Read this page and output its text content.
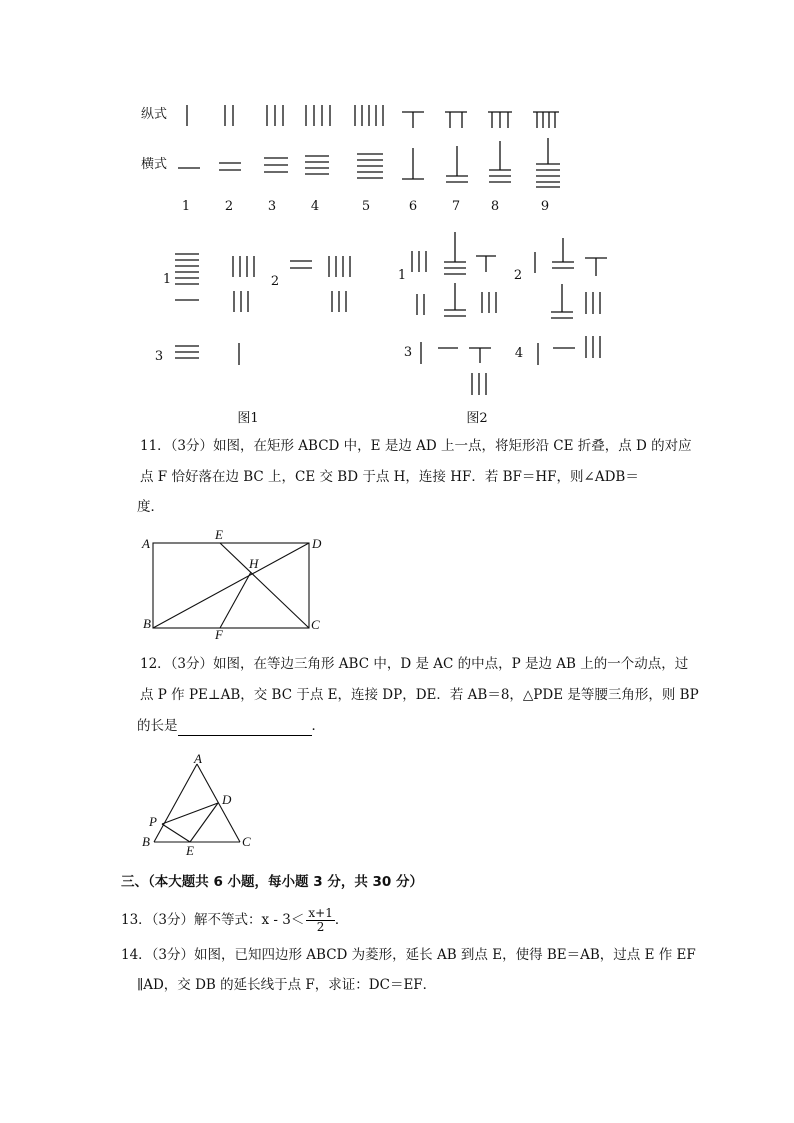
纵式
横式
1	2	3	4	5	6	7	8	9
1	2
3
图1
1	2
3	4
图2
11．（3分）如图，在矩形 ABCD 中，E 是边 AD 上一点，将矩形沿 CE 折叠，点 D 的对应
点 F 恰好落在边 BC 上，CE 交 BD 于点 H，连接 HF．若 BF＝HF，则∠ADB＝
度．
A
E
D
H
B	C
F
12．（3分）如图，在等边三角形 ABC 中，D 是 AC 的中点，P 是边 AB 上的一个动点，过
点 P 作 PE⊥AB，交 BC 于点 E，连接 DP，DE．若 AB＝8，△PDE 是等腰三角形，则 BP
的长是	．
A
D
P
B
E
C
三、（本大题共 6 小题，每小题 3 分，共 30 分）
13．（3分）解不等式：$x - 3< \frac{x+1}{2}$ ．
14．（3分）如图，已知四边形 ABCD 为菱形，延长 AB 到点 E，使得 BE＝AB，过点 E 作 EF
∥AD，交 DB 的延长线于点 F，求证：DC＝EF．
